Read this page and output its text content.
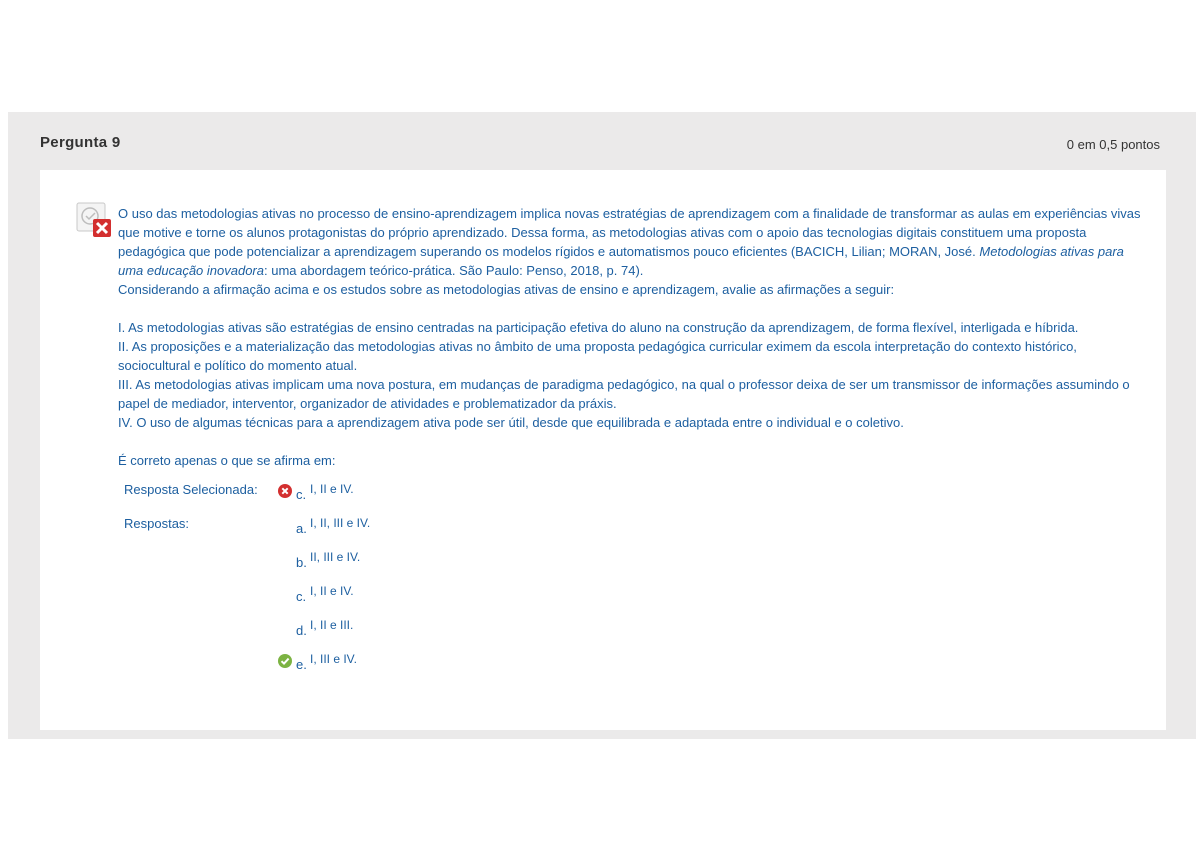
Pergunta 9	0 em 0,5 pontos

O uso das metodologias ativas no processo de ensino-aprendizagem implica novas estratégias de aprendizagem com a finalidade de transformar as aulas em experiências vivas que motive e torne os alunos protagonistas do próprio aprendizado. Dessa forma, as metodologias ativas com o apoio das tecnologias digitais constituem uma proposta pedagógica que pode potencializar a aprendizagem superando os modelos rígidos e automatismos pouco eficientes (BACICH, Lilian; MORAN, José. Metodologias ativas para uma educação inovadora: uma abordagem teórico-prática. São Paulo: Penso, 2018, p. 74).

Considerando a afirmação acima e os estudos sobre as metodologias ativas de ensino e aprendizagem, avalie as afirmações a seguir:

I. As metodologias ativas são estratégias de ensino centradas na participação efetiva do aluno na construção da aprendizagem, de forma flexível, interligada e híbrida.

II. As proposições e a materialização das metodologias ativas no âmbito de uma proposta pedagógica curricular eximem da escola interpretação do contexto histórico, sociocultural e político do momento atual.

III. As metodologias ativas implicam uma nova postura, em mudanças de paradigma pedagógico, na qual o professor deixa de ser um transmissor de informações assumindo o papel de mediador, interventor, organizador de atividades e problematizador da práxis.

IV. O uso de algumas técnicas para a aprendizagem ativa pode ser útil, desde que equilibrada e adaptada entre o individual e o coletivo.

É correto apenas o que se afirma em:

Resposta Selecionada:	c. I, II e IV.
Respostas:	a. I, II, III e IV.
b. II, III e IV.
c. I, II e IV.
d. I, II e III.
e. I, III e IV.
